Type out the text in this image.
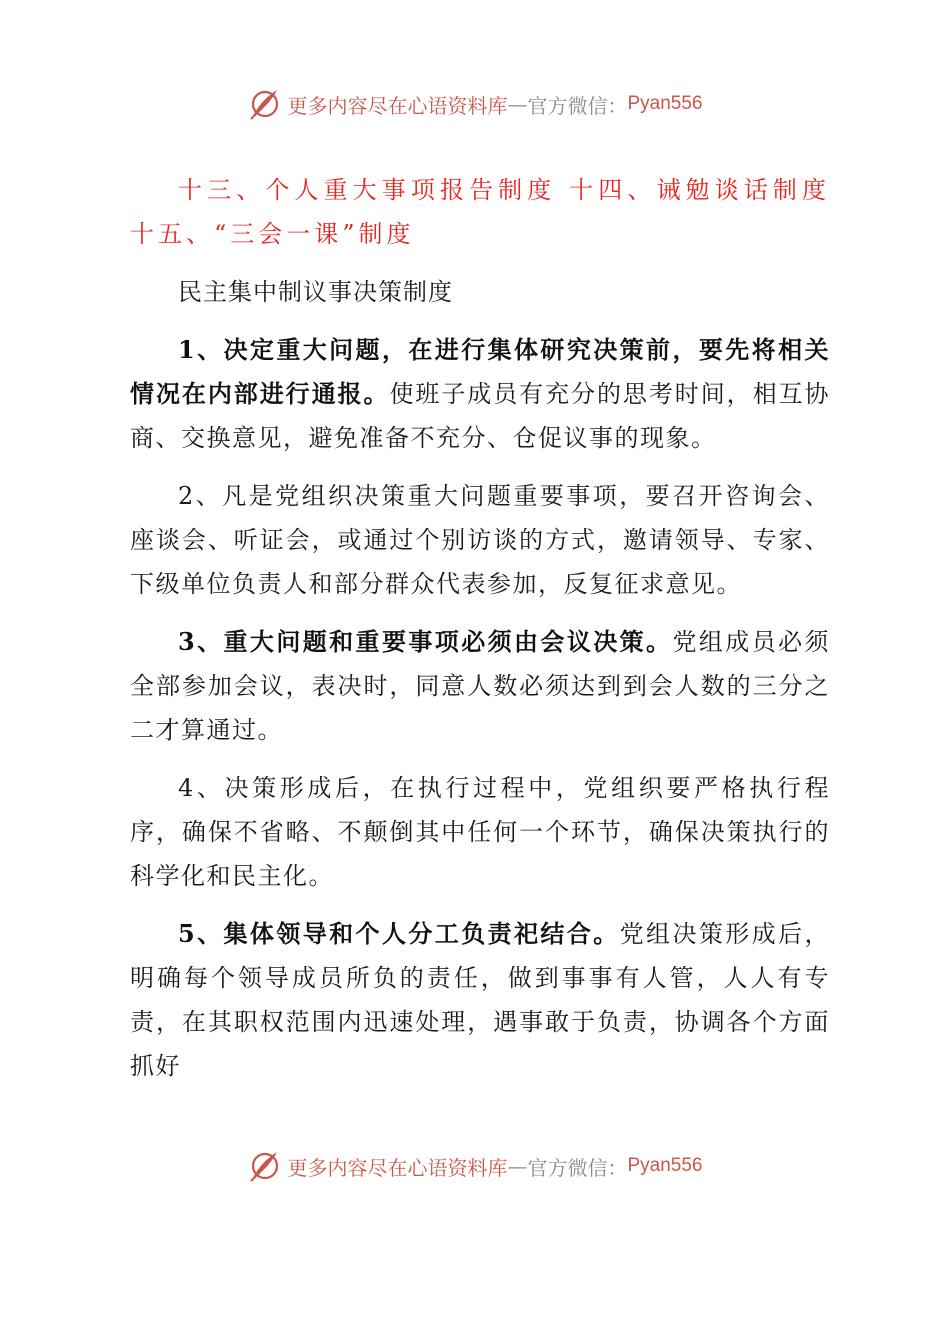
更多内容尽在心语资料库 — 官方微信： Pyan556

十三、个人重大事项报告制度 十四、诫勉谈话制度十五、“三会一课”制度

民主集中制议事决策制度

1、决定重大问题，在进行集体研究决策前，要先将相关情况在内部进行通报。使班子成员有充分的思考时间，相互协商、交换意见，避免准备不充分、仓促议事的现象。

2、凡是党组织决策重大问题重要事项，要召开咨询会、座谈会、听证会，或通过个别访谈的方式，邀请领导、专家、下级单位负责人和部分群众代表参加，反复征求意见。

3、重大问题和重要事项必须由会议决策。党组成员必须全部参加会议，表决时，同意人数必须达到到会人数的三分之二才算通过。

4、决策形成后，在执行过程中，党组织要严格执行程序，确保不省略、不颠倒其中任何一个环节，确保决策执行的科学化和民主化。

5、集体领导和个人分工负责祀结合。党组决策形成后，明确每个领导成员所负的责任，做到事事有人管，人人有专责，在其职权范围内迅速处理，遇事敢于负责，协调各个方面抓好

更多内容尽在心语资料库 — 官方微信： Pyan556
